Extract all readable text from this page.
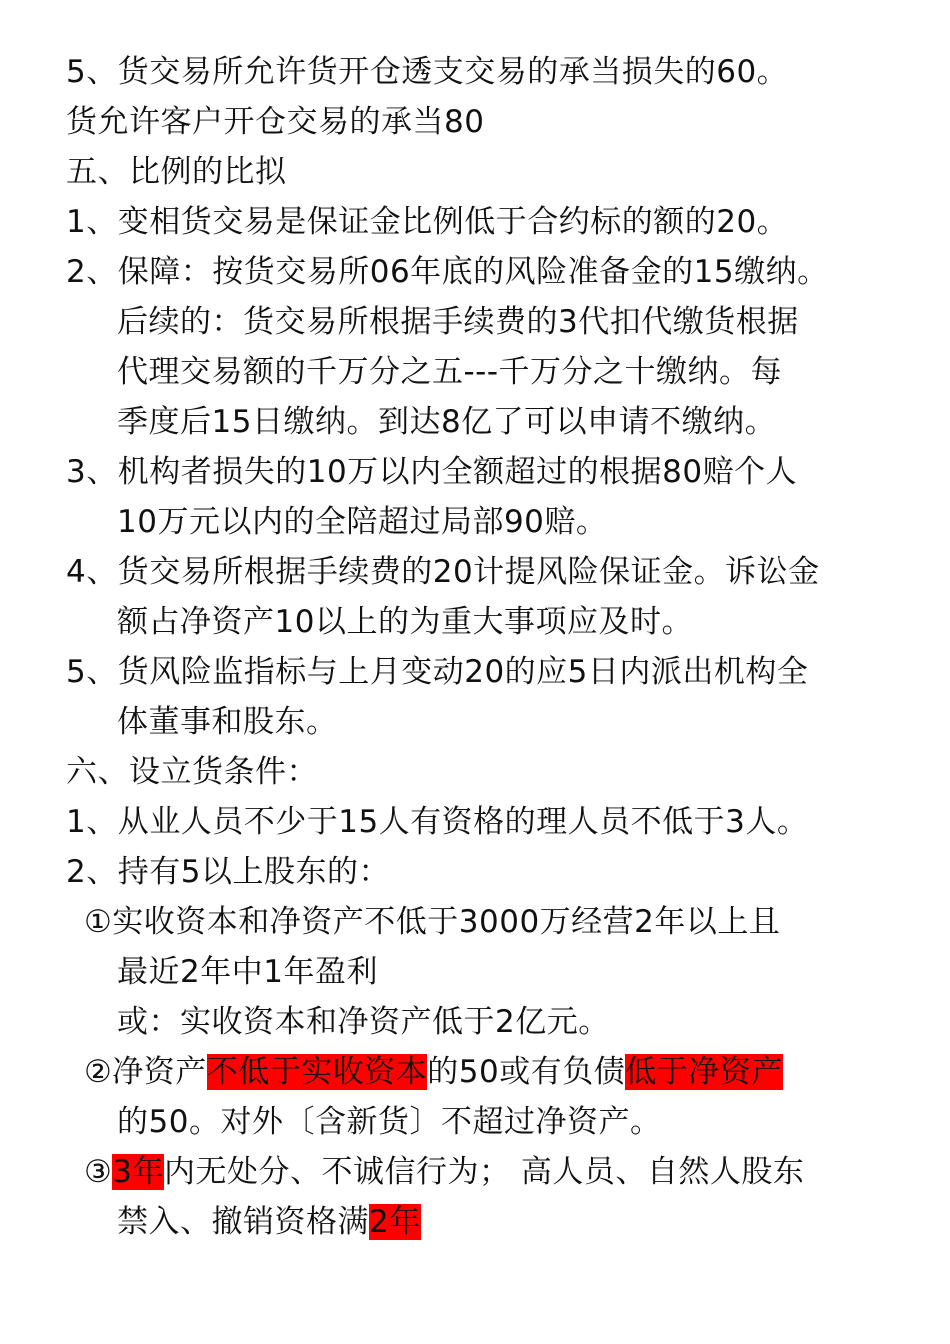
5、货交易所允许货开仓透支交易的承当损失的60。
货允许客户开仓交易的承当80
五、比例的比拟
1、变相货交易是保证金比例低于合约标的额的20。
2、保障：按货交易所06年底的风险准备金的15缴纳。
后续的：货交易所根据手续费的3代扣代缴货根据
代理交易额的千万分之五---千万分之十缴纳。每
季度后15日缴纳。到达8亿了可以申请不缴纳。
3、机构者损失的10万以内全额超过的根据80赔个人
10万元以内的全陪超过局部90赔。
4、货交易所根据手续费的20计提风险保证金。诉讼金
额占净资产10以上的为重大事项应及时。
5、货风险监指标与上月变动20的应5日内派出机构全
体董事和股东。
六、设立货条件：
1、从业人员不少于15人有资格的理人员不低于3人。
2、持有5以上股东的：
①实收资本和净资产不低于3000万经营2年以上且
最近2年中1年盈利
或：实收资本和净资产低于2亿元。
②净资产不低于实收资本的50或有负债低于净资产
的50。对外〔含新货〕不超过净资产。
③3年内无处分、不诚信行为； 高人员、自然人股东
禁入、撤销资格满2年
